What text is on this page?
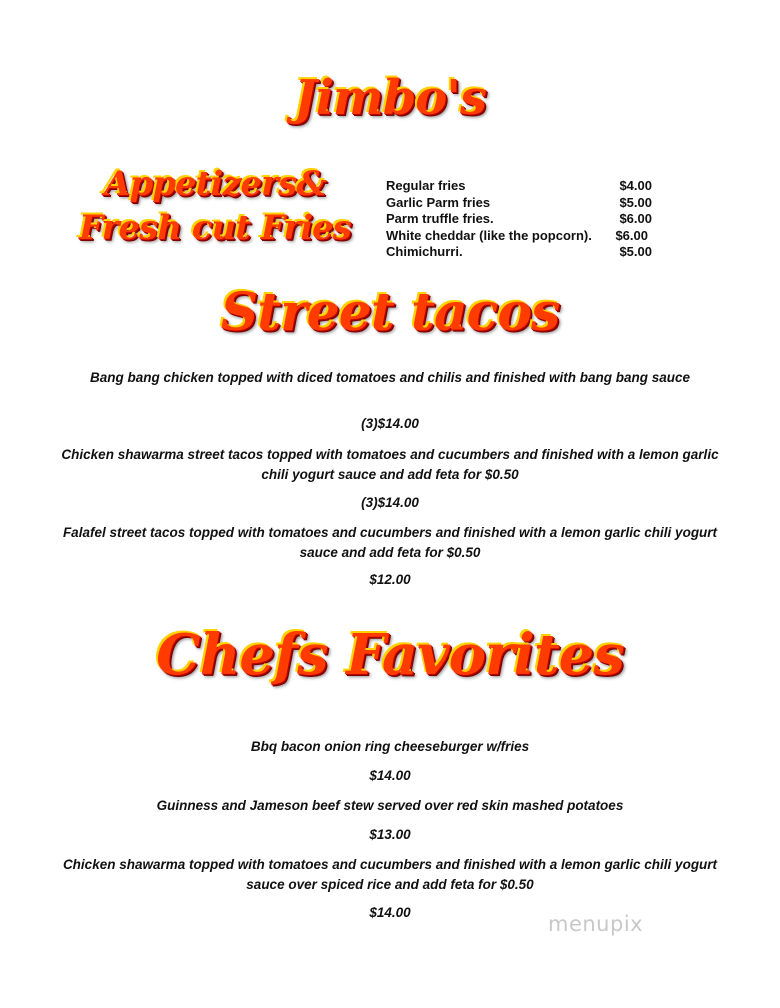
Jimbo's
Appetizers& Fresh cut Fries
Regular fries	$4.00
Garlic Parm fries	$5.00
Parm truffle fries.	$6.00
White cheddar (like the popcorn). $6.00
Chimichurri.	$5.00
Street tacos
Bang bang chicken topped with diced tomatoes and chilis and finished with bang bang sauce
(3)$14.00
Chicken shawarma street tacos topped with tomatoes and cucumbers and finished with a lemon garlic chili yogurt sauce and add feta for $0.50
(3)$14.00
Falafel street tacos topped with tomatoes and cucumbers and finished with a lemon garlic chili yogurt sauce and add feta for $0.50
$12.00
Chefs Favorites
Bbq bacon onion ring cheeseburger w/fries
$14.00
Guinness and Jameson beef stew served over red skin mashed potatoes
$13.00
Chicken shawarma topped with tomatoes and cucumbers and finished with a lemon garlic chili yogurt sauce over spiced rice and add feta for $0.50
$14.00	menupix
